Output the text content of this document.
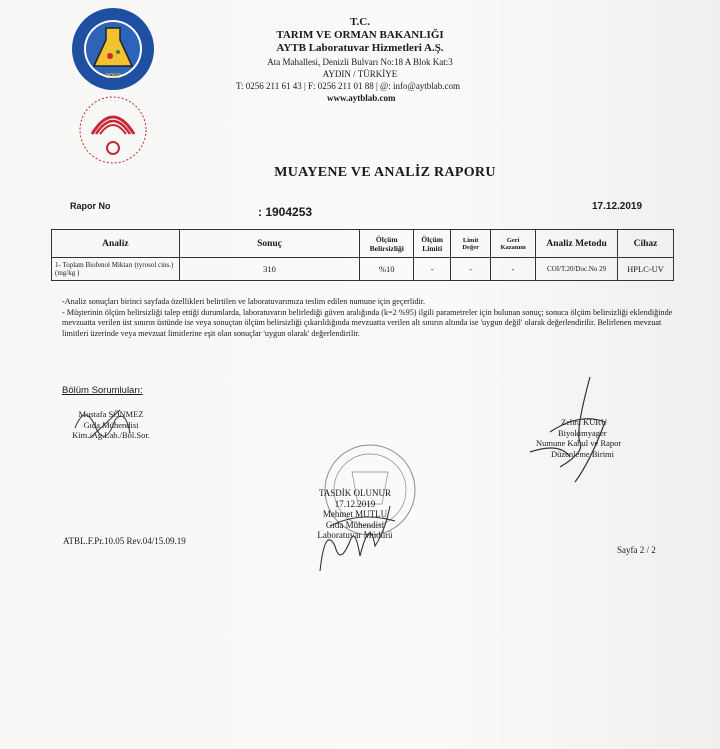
2002
T.C.
TARIM VE ORMAN BAKANLIĞI
AYTB Laboratuvar Hizmetleri A.Ş.
Ata Mahallesi, Denizli Bulvarı No:18 A Blok Kat:3
AYDIN / TÜRKİYE
T: 0256 211 61 43 | F: 0256 211 01 88 | @: info@aytblab.com
www.aytblab.com
MUAYENE VE ANALİZ RAPORU
Rapor No	: 1904253	17.12.2019
Analiz	Sonuç	Ölçüm Belirsizliği	Ölçüm Limiti	Limit Değer	Geri Kazanım	Analiz Metodu	Cihaz
1- Toplam Biofenol Miktarı (tyrosol cins.) (mg/kg )	310	%10	-	-	-	COI/T.20/Doc.No 29	HPLC-UV

-Analiz sonuçları birinci sayfada özellikleri belirtilen ve laboratuvarımıza teslim edilen numune için geçerlidir.

- Müşterinin ölçüm belirsizliği talep ettiği durumlarda, laboratuvarın belirlediği güven aralığında (k=2 %95) ilgili parametreler için bulunan sonuç; sonuca ölçüm belirsizliği eklendiğinde mevzuatta verilen üst sınırın üstünde ise veya sonuçtan ölçüm belirsizliği çıkarıldığında mevzuatta verilen alt sınırın altında ise 'uygun değil' olarak değerlendirilir. Belirlenen mevzuat limitleri üzerinde veya mevzuat limitlerine eşit olan sonuçlar 'uygun olarak' değerlendirilir.

Bölüm Sorumluları:
Mustafa SÖNMEZ
Gıda Mühendisi
Kim./Ag.Lab./Böl.Sor.
Zehra KURU
Biyokimyager
Numune Kabul ve Rapor
Düzenleme Birimi
TASDİK OLUNUR
17.12.2019
Mehmet MUTLU
Gıda Mühendisi
Laboratuvar Müdürü
ATBL.F.Pr.10.05 Rev.04/15.09.19
Sayfa 2 / 2
